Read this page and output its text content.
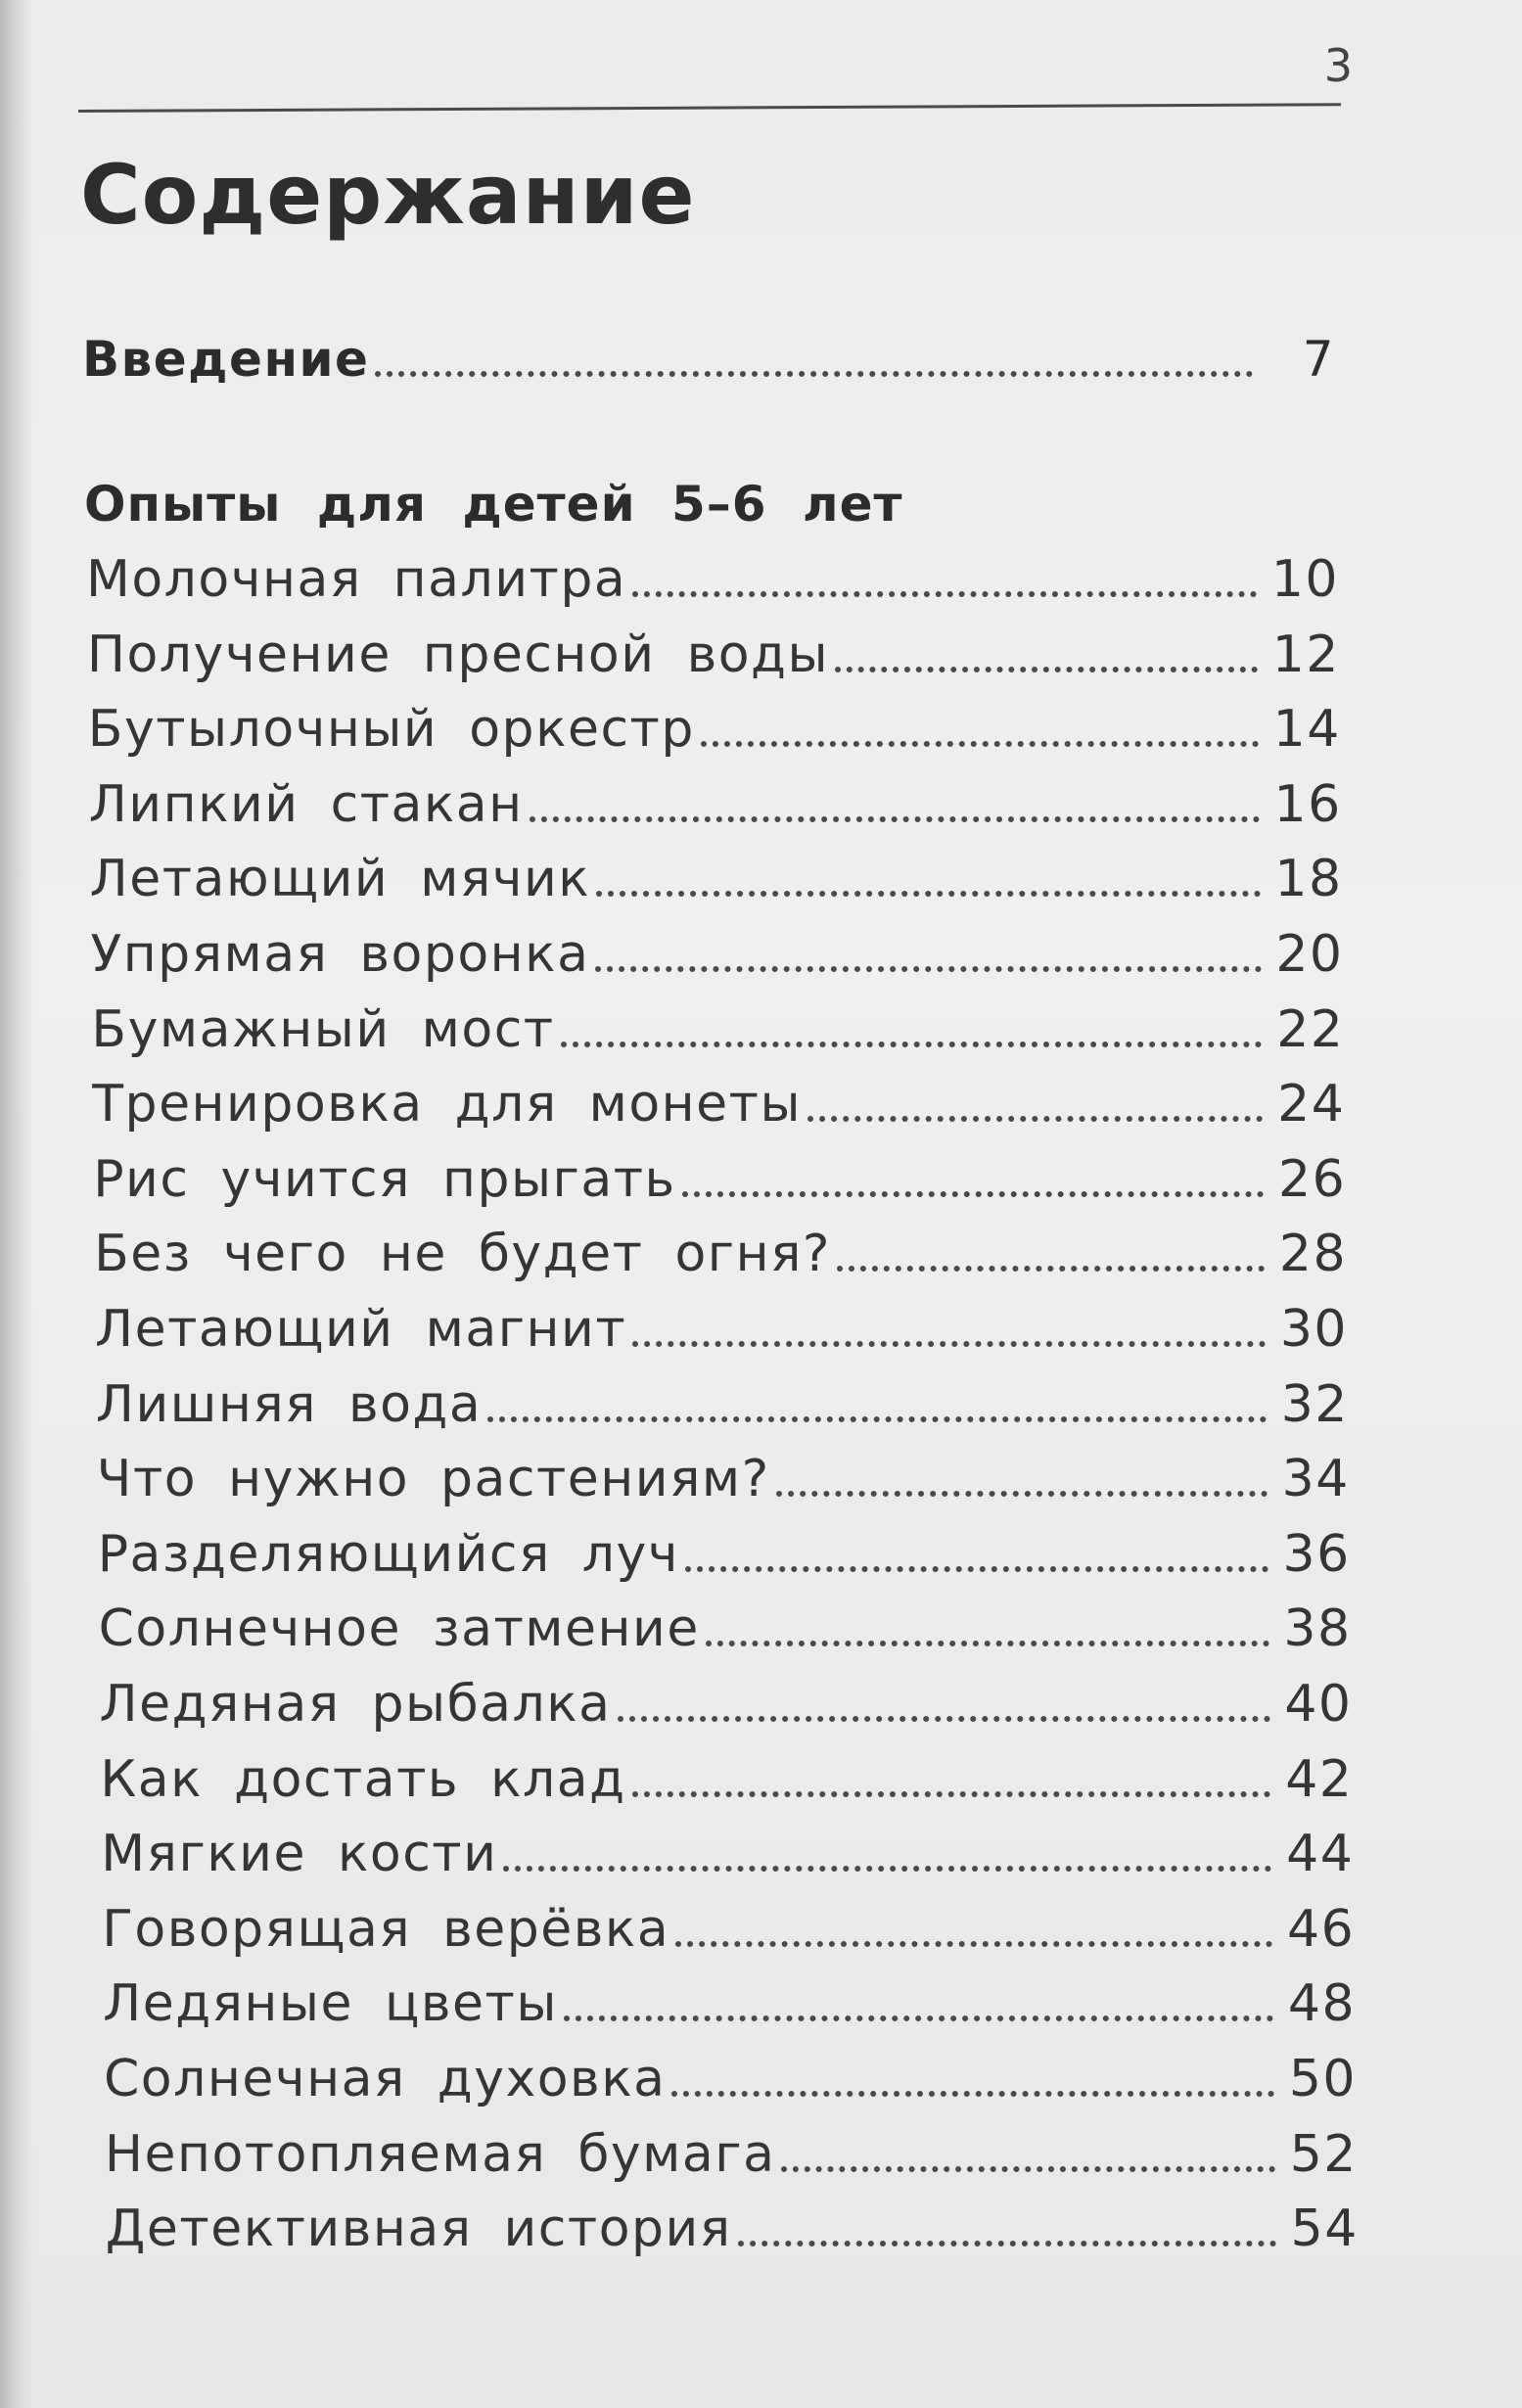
3
Содержание
Введение	7
Опыты для детей 5–6 лет
Молочная палитра	10
Получение пресной воды	12
Бутылочный оркестр	14
Липкий стакан	16
Летающий мячик	18
Упрямая воронка	20
Бумажный мост	22
Тренировка для монеты	24
Рис учится прыгать	26
Без чего не будет огня?	28
Летающий магнит	30
Лишняя вода	32
Что нужно растениям?	34
Разделяющийся луч	36
Солнечное затмение	38
Ледяная рыбалка	40
Как достать клад	42
Мягкие кости	44
Говорящая верёвка	46
Ледяные цветы	48
Солнечная духовка	50
Непотопляемая бумага	52
Детективная история	54
